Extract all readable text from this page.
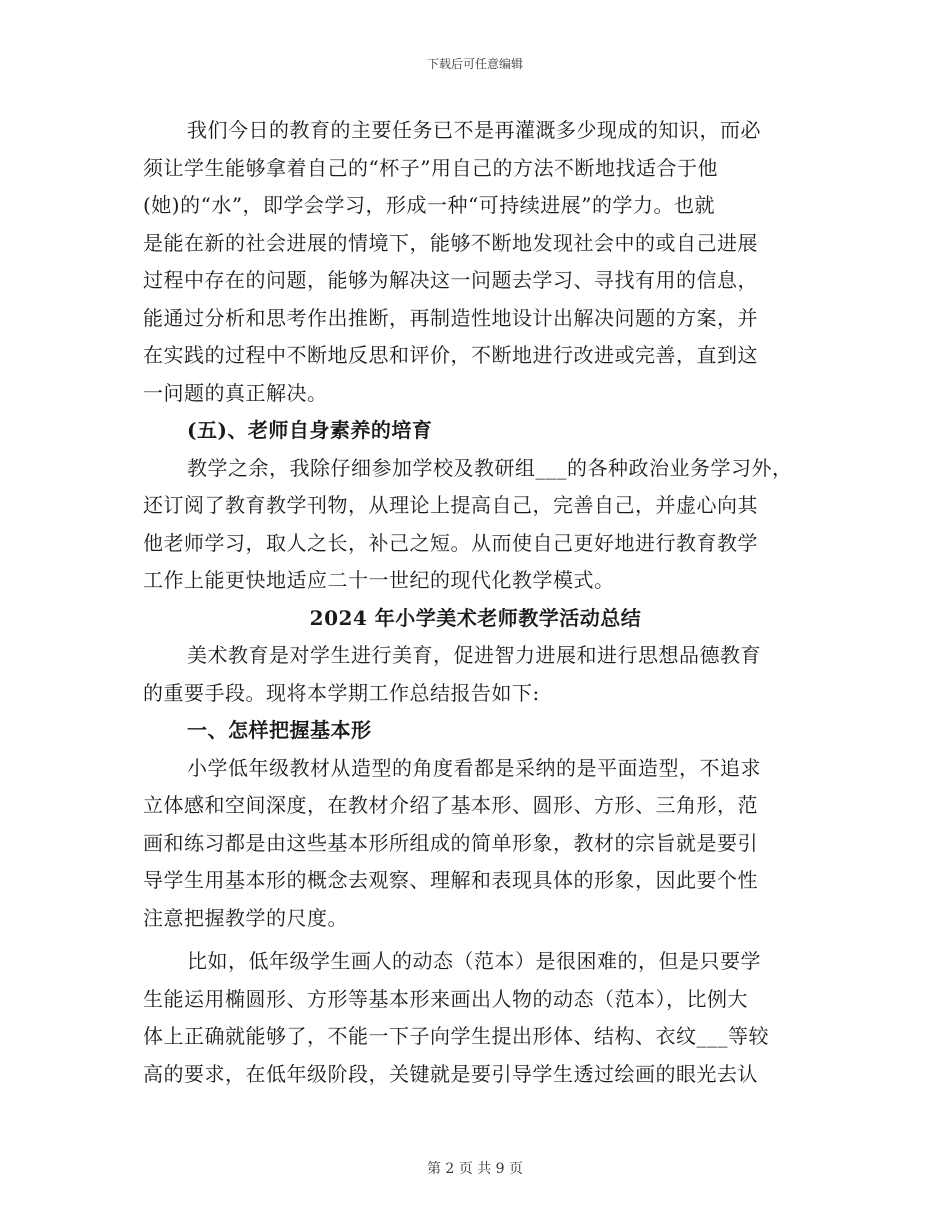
下载后可任意编辑
我们今日的教育的主要任务已不是再灌溉多少现成的知识，而必
须让学生能够拿着自己的“杯子”用自己的方法不断地找适合于他
(她)的“水”，即学会学习，形成一种“可持续进展”的学力。也就
是能在新的社会进展的情境下，能够不断地发现社会中的或自己进展
过程中存在的问题，能够为解决这一问题去学习、寻找有用的信息，
能通过分析和思考作出推断，再制造性地设计出解决问题的方案，并
在实践的过程中不断地反思和评价，不断地进行改进或完善，直到这
一问题的真正解决。
(五)、老师自身素养的培育
教学之余，我除仔细参加学校及教研组___的各种政治业务学习外，
还订阅了教育教学刊物，从理论上提高自己，完善自己，并虚心向其
他老师学习，取人之长，补己之短。从而使自己更好地进行教育教学
工作上能更快地适应二十一世纪的现代化教学模式。
2024 年小学美术老师教学活动总结
美术教育是对学生进行美育，促进智力进展和进行思想品德教育
的重要手段。现将本学期工作总结报告如下:
一、怎样把握基本形
小学低年级教材从造型的角度看都是采纳的是平面造型，不追求
立体感和空间深度，在教材介绍了基本形、圆形、方形、三角形，范
画和练习都是由这些基本形所组成的简单形象，教材的宗旨就是要引
导学生用基本形的概念去观察、理解和表现具体的形象，因此要个性
注意把握教学的尺度。
比如，低年级学生画人的动态（范本）是很困难的，但是只要学
生能运用椭圆形、方形等基本形来画出人物的动态（范本），比例大
体上正确就能够了，不能一下子向学生提出形体、结构、衣纹___等较
高的要求，在低年级阶段，关键就是要引导学生透过绘画的眼光去认
第 2 页 共 9 页
